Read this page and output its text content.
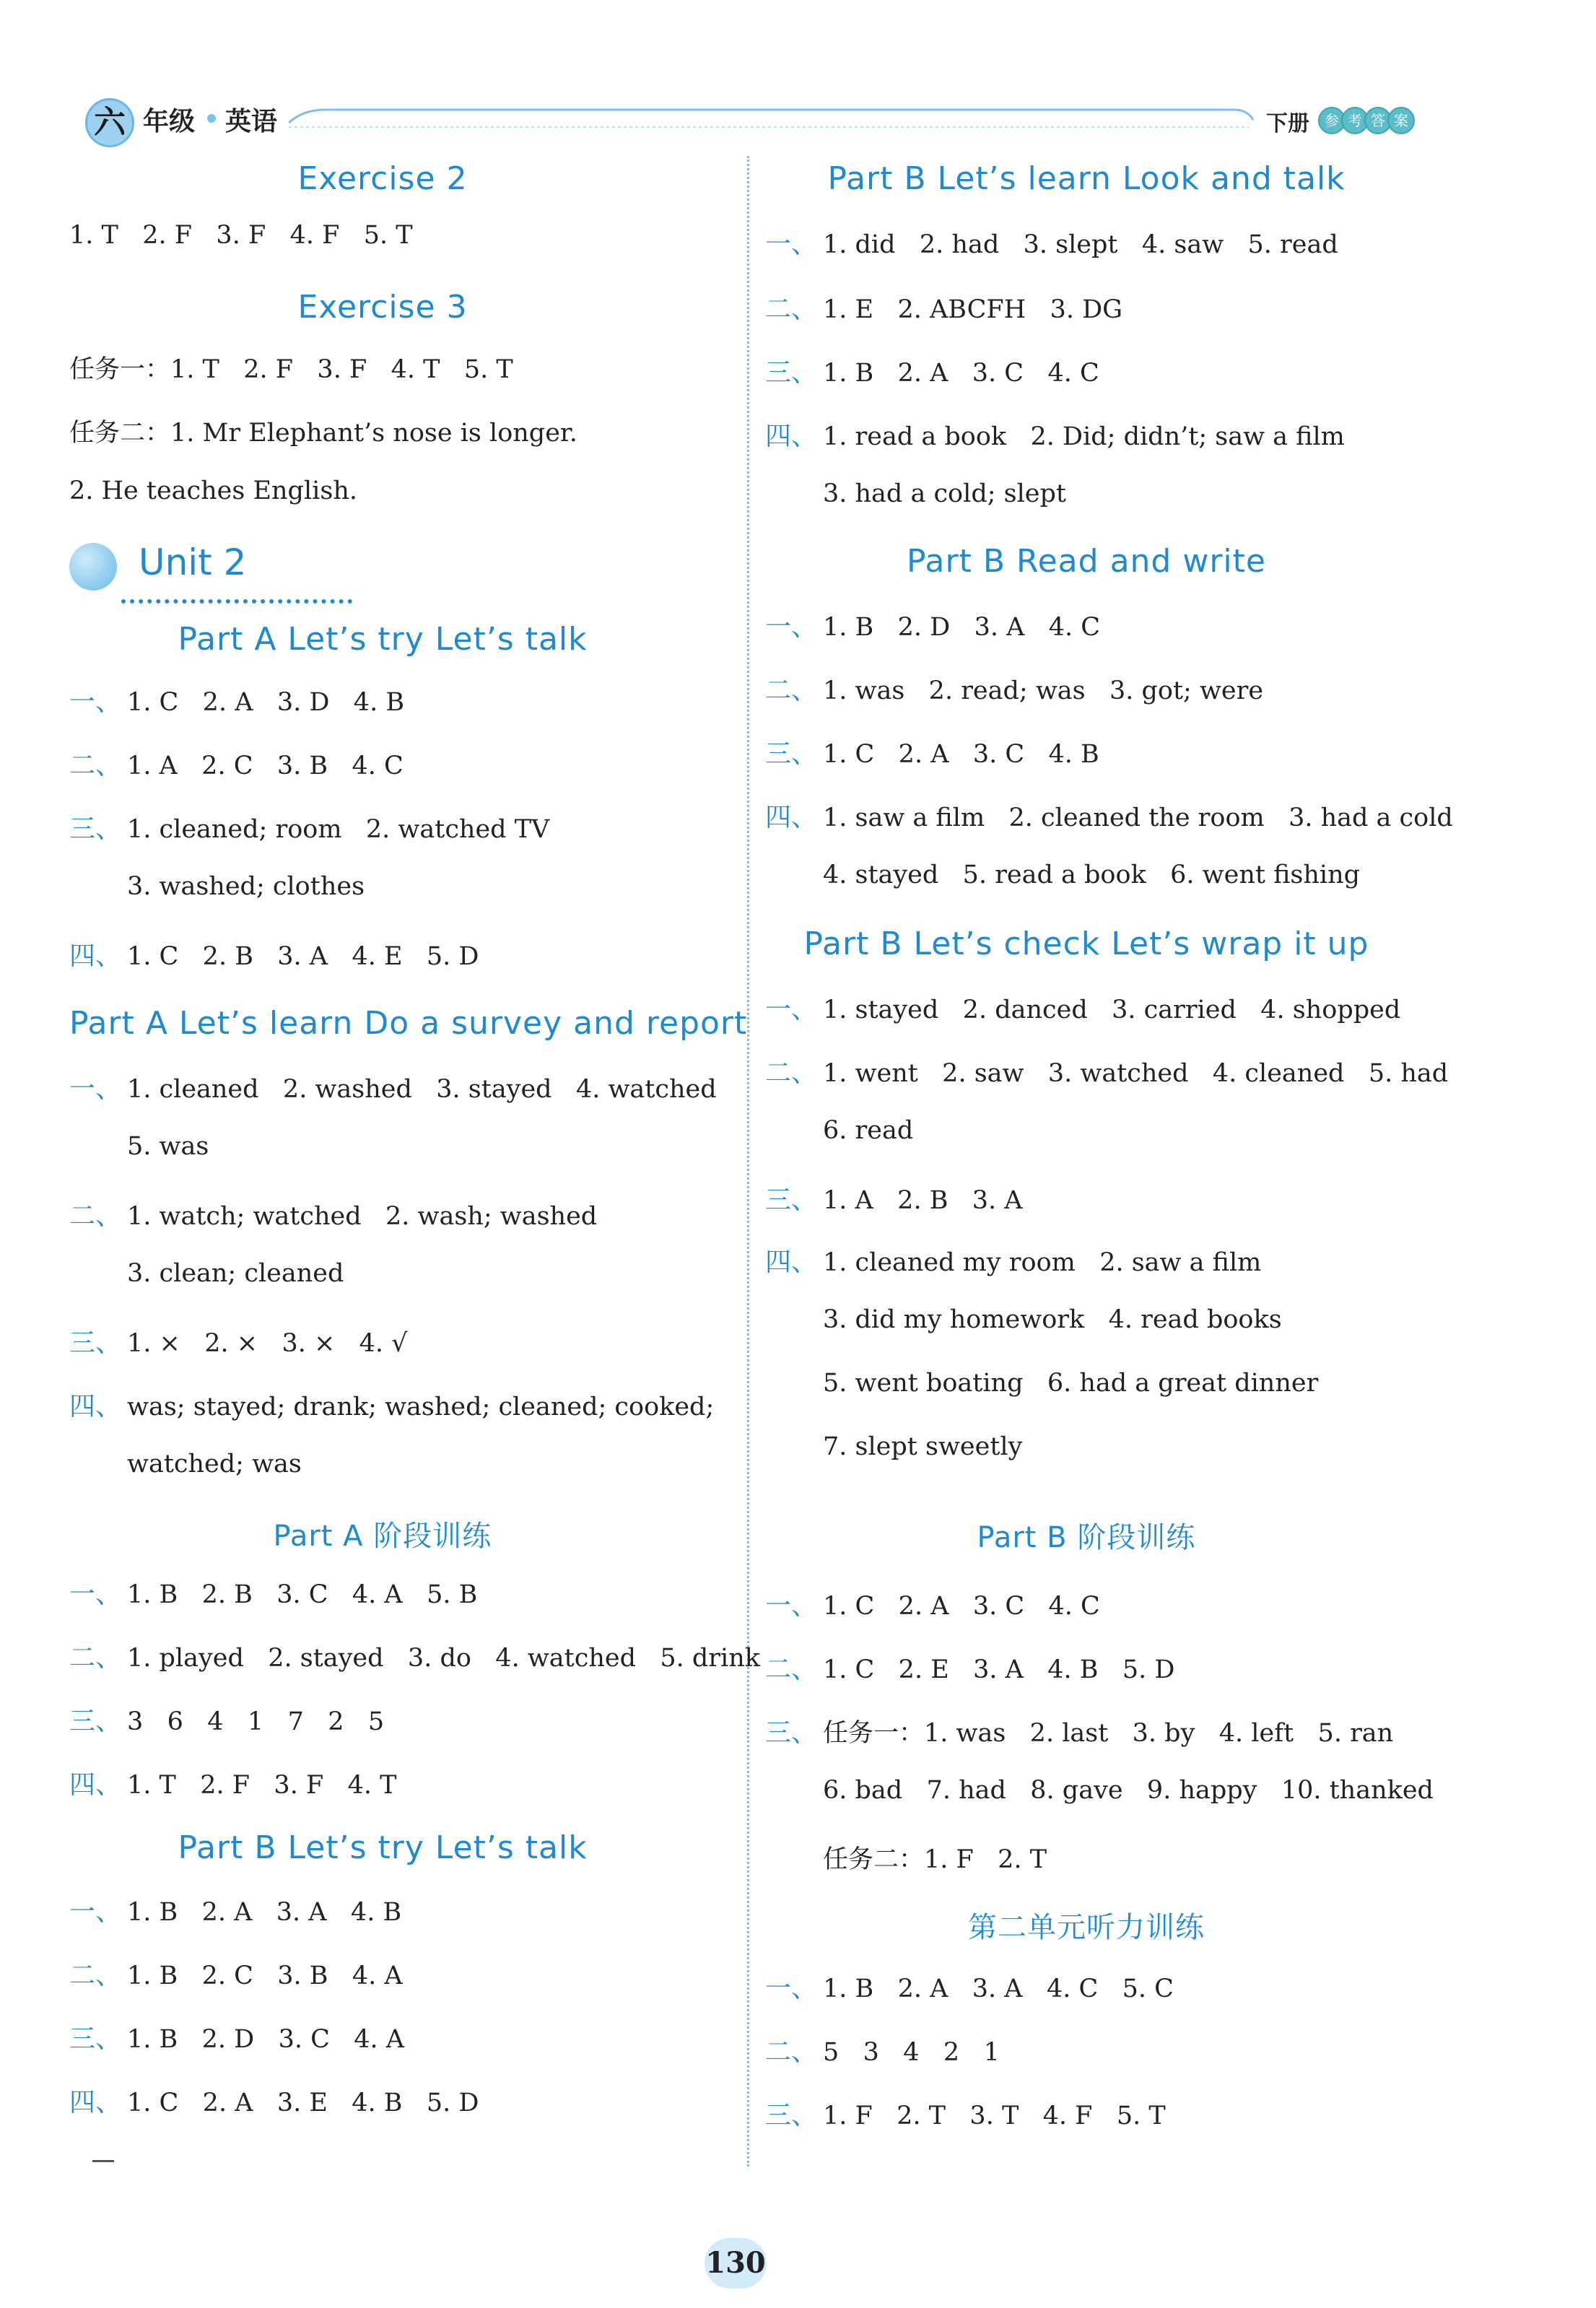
六 年级 英语	下册	参 考 答 案
Exercise 2
1. T   2. F   3. F   4. F   5. T
Exercise 3
任务一：1. T   2. F   3. F   4. T   5. T
任务二：1. Mr Elephant’s nose is longer.
2. He teaches English.
Unit 2
Part A Let’s try Let’s talk
一、 1. C   2. A   3. D   4. B
二、 1. A   2. C   3. B   4. C
三、 1. cleaned; room   2. watched TV
3. washed; clothes
四、 1. C   2. B   3. A   4. E   5. D
Part A Let’s learn Do a survey and report
一、 1. cleaned   2. washed   3. stayed   4. watched
5. was
二、 1. watch; watched   2. wash; washed
3. clean; cleaned
三、 1. ×   2. ×   3. ×   4. √
四、 was; stayed; drank; washed; cleaned; cooked;
watched; was
Part A 阶段训练
一、 1. B   2. B   3. C   4. A   5. B
二、 1. played   2. stayed   3. do   4. watched   5. drink
三、 3   6   4   1   7   2   5
四、 1. T   2. F   3. F   4. T
Part B Let’s try Let’s talk
一、 1. B   2. A   3. A   4. B
二、 1. B   2. C   3. B   4. A
三、 1. B   2. D   3. C   4. A
四、 1. C   2. A   3. E   4. B   5. D
Part B Let’s learn Look and talk
一、 1. did   2. had   3. slept   4. saw   5. read
二、 1. E   2. ABCFH   3. DG
三、 1. B   2. A   3. C   4. C
四、 1. read a book   2. Did; didn’t; saw a film
3. had a cold; slept
Part B Read and write
一、 1. B   2. D   3. A   4. C
二、 1. was   2. read; was   3. got; were
三、 1. C   2. A   3. C   4. B
四、 1. saw a film   2. cleaned the room   3. had a cold
4. stayed   5. read a book   6. went fishing
Part B Let’s check Let’s wrap it up
一、 1. stayed   2. danced   3. carried   4. shopped
二、 1. went   2. saw   3. watched   4. cleaned   5. had
6. read
三、 1. A   2. B   3. A
四、 1. cleaned my room   2. saw a film
3. did my homework   4. read books
5. went boating   6. had a great dinner
7. slept sweetly
Part B 阶段训练
一、 1. C   2. A   3. C   4. C
二、 1. C   2. E   3. A   4. B   5. D
三、 任务一：1. was   2. last   3. by   4. left   5. ran
6. bad   7. had   8. gave   9. happy   10. thanked
任务二：1. F   2. T
第二单元听力训练
一、 1. B   2. A   3. A   4. C   5. C
二、 5   3   4   2   1
三、 1. F   2. T   3. T   4. F   5. T
130
